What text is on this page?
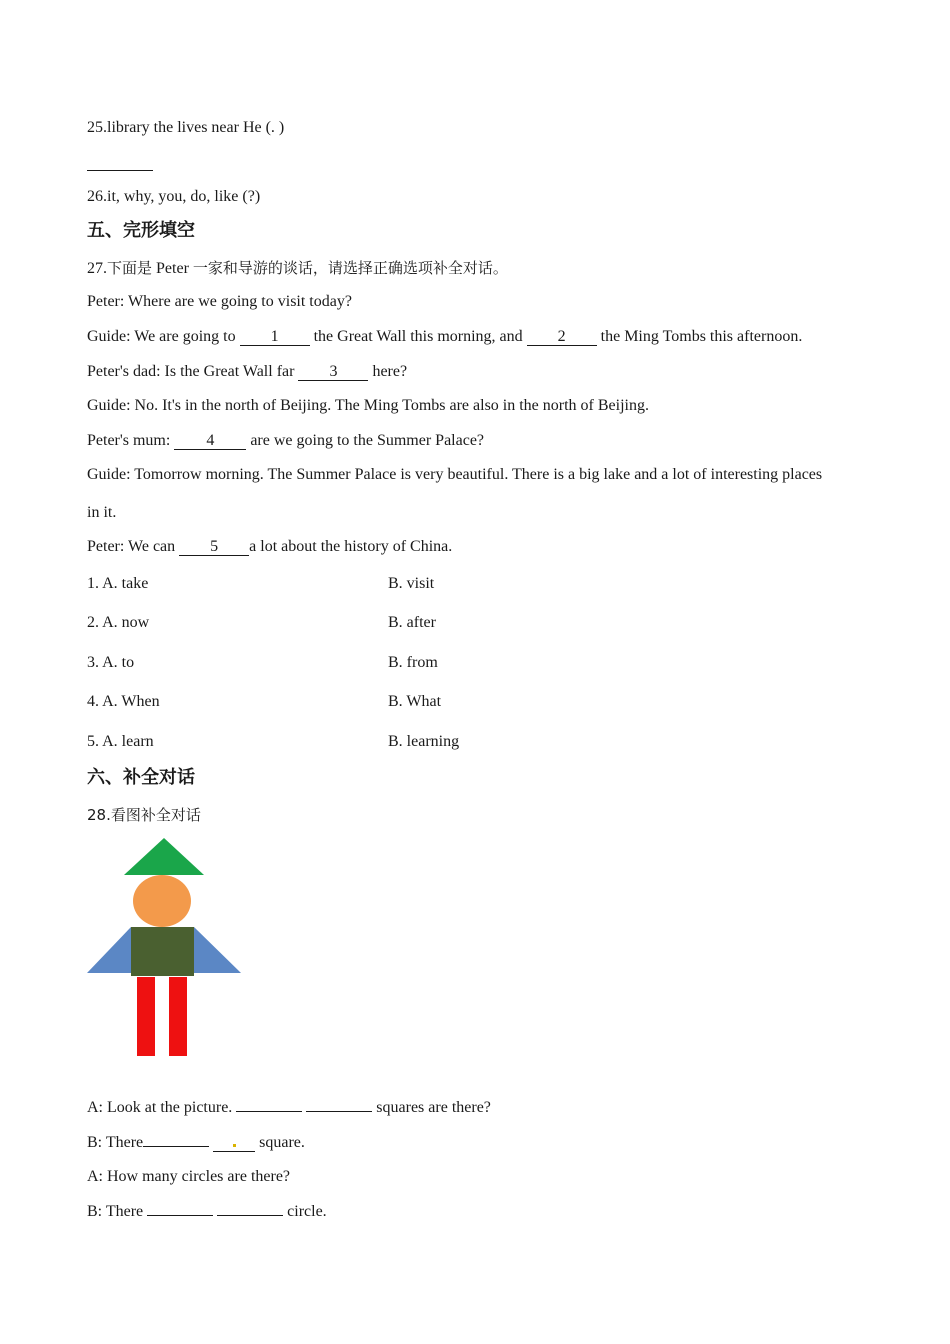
25.library the lives near He (. )
26.it, why, you, do, like (?)
五、完形填空
27.下面是 Peter 一家和导游的谈话，请选择正确选项补全对话。
Peter: Where are we going to visit today?
Guide: We are going to 1 the Great Wall this morning, and 2 the Ming Tombs this afternoon.
Peter's dad: Is the Great Wall far 3 here?
Guide: No. It's in the north of Beijing. The Ming Tombs are also in the north of Beijing.
Peter's mum: 4 are we going to the Summer Palace?
Guide: Tomorrow morning. The Summer Palace is very beautiful. There is a big lake and a lot of interesting places
in it.
Peter: We can 5 a lot about the history of China.
1. A. take	B. visit
2. A. now	B. after
3. A. to	B. from
4. A. When	B. What
5. A. learn	B. learning
六、补全对话
28.看图补全对话
A: Look at the picture.	squares are there?
B: There	square.
A: How many circles are there?
B: There	circle.
